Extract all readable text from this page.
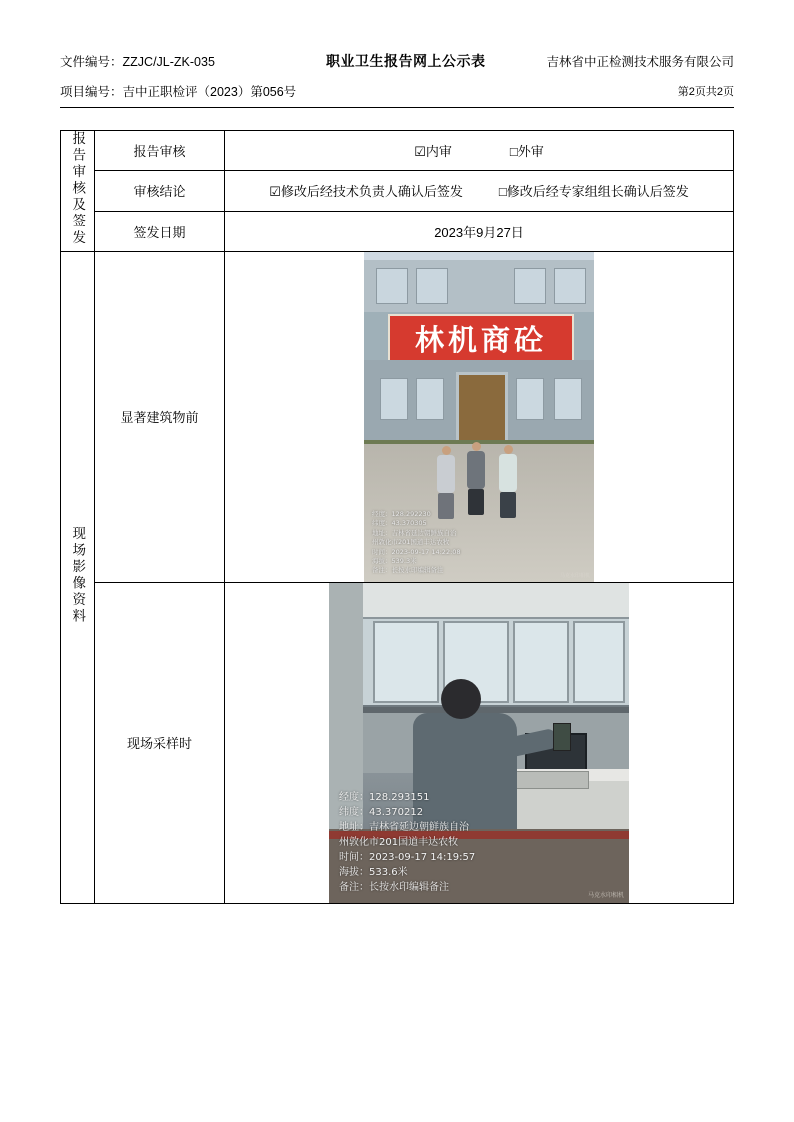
文件编号：ZZJC/JL-ZK-035	职业卫生报告网上公示表	吉林省中正检测技术服务有限公司
项目编号：吉中正职检评（2023）第056号	第2页共2页
报告审核及签发	报告审核	☑内审 □外审

	审核结论	☑修改后经技术负责人确认后签发 □修改后经专家组组长确认后签发

	签发日期	2023年9月27日
现场影像资料	显著建筑物前	
林机商砼
经度：128.292230
纬度：43.370305
地址：吉林省延边朝鲜族自治
州敦化市201国道丰达农牧
时间：2023-09-17 14:22:08
海拔：539.3米
备注：长按水印编辑备注
马克水印相机

现场采样时	
经度：128.293151
纬度：43.370212
地址：吉林省延边朝鲜族自治
州敦化市201国道丰达农牧
时间：2023-09-17 14:19:57
海拔：533.6米
备注：长按水印编辑备注
马克水印相机
